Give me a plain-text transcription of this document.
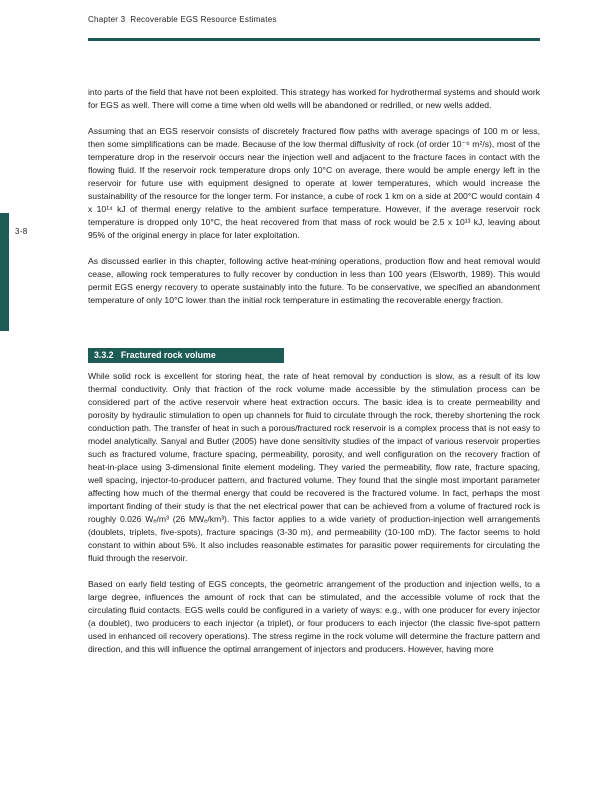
Chapter 3  Recoverable EGS Resource Estimates
3-8

into parts of the field that have not been exploited. This strategy has worked for hydrothermal systems and should work for EGS as well. There will come a time when old wells will be abandoned or redrilled, or new wells added.

Assuming that an EGS reservoir consists of discretely fractured flow paths with average spacings of 100 m or less, then some simplifications can be made. Because of the low thermal diffusivity of rock (of order 10⁻⁶ m²/s), most of the temperature drop in the reservoir occurs near the injection well and adjacent to the fracture faces in contact with the flowing fluid. If the reservoir rock temperature drops only 10°C on average, there would be ample energy left in the reservoir for future use with equipment designed to operate at lower temperatures, which would increase the sustainability of the resource for the longer term. For instance, a cube of rock 1 km on a side at 200°C would contain 4 x 10¹⁴ kJ of thermal energy relative to the ambient surface temperature. However, if the average reservoir rock temperature is dropped only 10°C, the heat recovered from that mass of rock would be 2.5 x 10¹³ kJ, leaving about 95% of the original energy in place for later exploitation.

As discussed earlier in this chapter, following active heat-mining operations, production flow and heat removal would cease, allowing rock temperatures to fully recover by conduction in less than 100 years (Elsworth, 1989). This would permit EGS energy recovery to operate sustainably into the future. To be conservative, we specified an abandonment temperature of only 10°C lower than the initial rock temperature in estimating the recoverable energy fraction.

3.3.2   Fractured rock volume

While solid rock is excellent for storing heat, the rate of heat removal by conduction is slow, as a result of its low thermal conductivity. Only that fraction of the rock volume made accessible by the stimulation process can be considered part of the active reservoir where heat extraction occurs. The basic idea is to create permeability and porosity by hydraulic stimulation to open up channels for fluid to circulate through the rock, thereby shortening the rock conduction path. The transfer of heat in such a porous/fractured rock reservoir is a complex process that is not easy to model analytically. Sanyal and Butler (2005) have done sensitivity studies of the impact of various reservoir properties such as fractured volume, fracture spacing, permeability, porosity, and well configuration on the recovery fraction of heat-in-place using 3-dimensional finite element modeling. They varied the permeability, flow rate, fracture spacing, well spacing, injector-to-producer pattern, and fractured volume. They found that the single most important parameter affecting how much of the thermal energy that could be recovered is the fractured volume. In fact, perhaps the most important finding of their study is that the net electrical power that can be achieved from a volume of fractured rock is roughly 0.026 Wₑ/m³ (26 MWₑ/km³). This factor applies to a wide variety of production-injection well arrangements (doublets, triplets, five-spots), fracture spacings (3-30 m), and permeability (10-100 mD). The factor seems to hold constant to within about 5%. It also includes reasonable estimates for parasitic power requirements for circulating the fluid through the reservoir.

Based on early field testing of EGS concepts, the geometric arrangement of the production and injection wells, to a large degree, influences the amount of rock that can be stimulated, and the accessible volume of rock that the circulating fluid contacts. EGS wells could be configured in a variety of ways: e.g., with one producer for every injector (a doublet), two producers to each injector (a triplet), or four producers to each injector (the classic five-spot pattern used in enhanced oil recovery operations). The stress regime in the rock volume will determine the fracture pattern and direction, and this will influence the optimal arrangement of injectors and producers. However, having more
